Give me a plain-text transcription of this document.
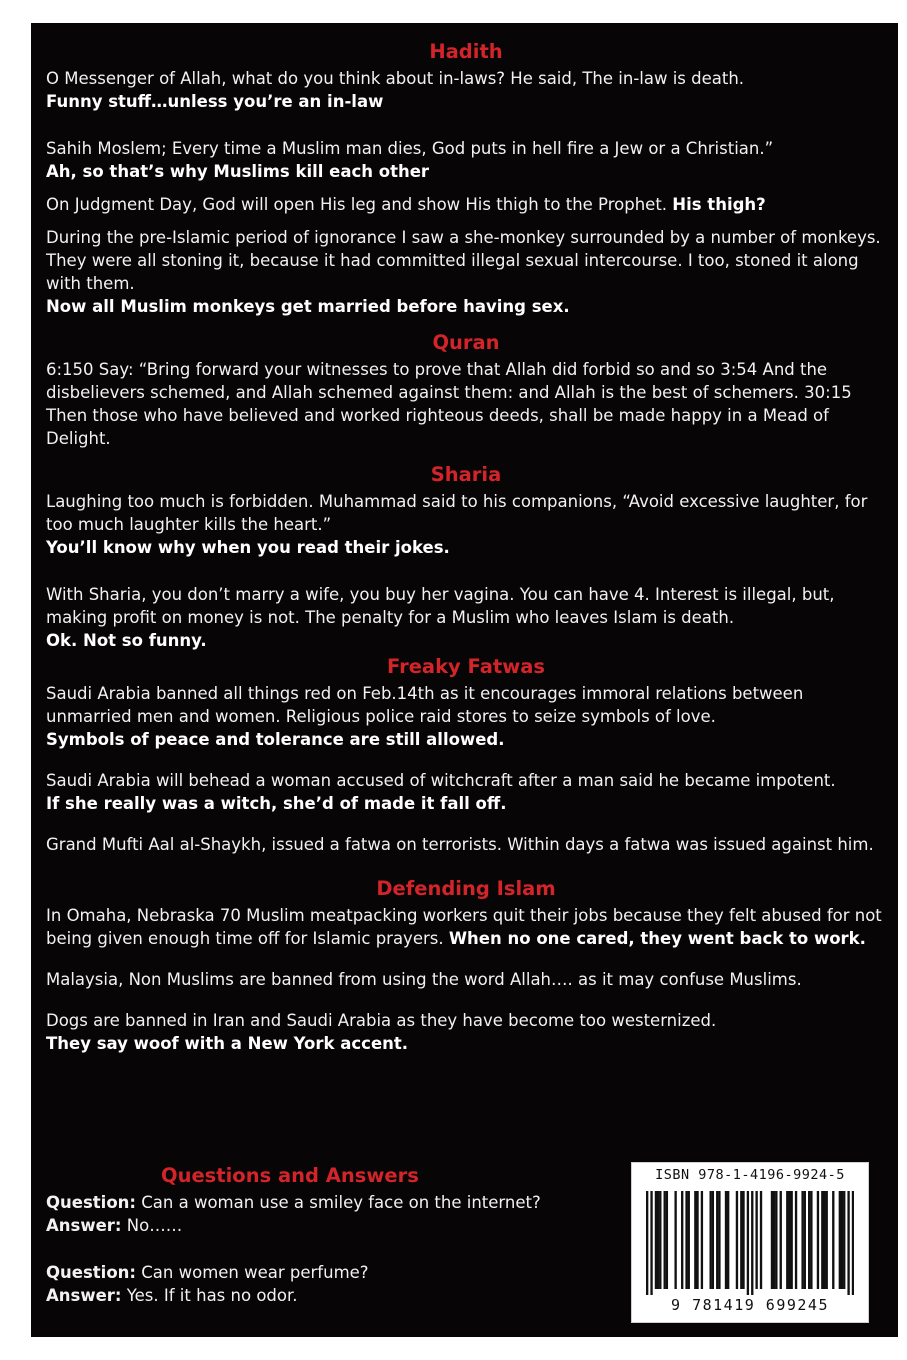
Hadith

O Messenger of Allah, what do you think about in-laws? He said, The in-law is death.
Funny stuff…unless you’re an in-law

Sahih Moslem; Every time a Muslim man dies, God puts in hell fire a Jew or a Christian.”
Ah, so that’s why Muslims kill each other

On Judgment Day, God will open His leg and show His thigh to the Prophet. His thigh?

During the pre-Islamic period of ignorance I saw a she-monkey surrounded by a number of monkeys. They were all stoning it, because it had committed illegal sexual intercourse. I too, stoned it along with them.
Now all Muslim monkeys get married before having sex.

Quran

6:150 Say: “Bring forward your witnesses to prove that Allah did forbid so and so 3:54 And the disbelievers schemed, and Allah schemed against them: and Allah is the best of schemers. 30:15 Then those who have believed and worked righteous deeds, shall be made happy in a Mead of Delight.

Sharia

Laughing too much is forbidden. Muhammad said to his companions, “Avoid excessive laughter, for too much laughter kills the heart.”
You’ll know why when you read their jokes.

With Sharia, you don’t marry a wife, you buy her vagina. You can have 4. Interest is illegal, but, making profit on money is not. The penalty for a Muslim who leaves Islam is death.
Ok. Not so funny.

Freaky Fatwas

Saudi Arabia banned all things red on Feb.14th as it encourages immoral relations between unmarried men and women. Religious police raid stores to seize symbols of love.
Symbols of peace and tolerance are still allowed.

Saudi Arabia will behead a woman accused of witchcraft after a man said he became impotent.
If she really was a witch, she’d of made it fall off.

Grand Mufti Aal al-Shaykh, issued a fatwa on terrorists. Within days a fatwa was issued against him.

Defending Islam

In Omaha, Nebraska 70 Muslim meatpacking workers quit their jobs because they felt abused for not being given enough time off for Islamic prayers. When no one cared, they went back to work.

Malaysia, Non Muslims are banned from using the word Allah…. as it may confuse Muslims.

Dogs are banned in Iran and Saudi Arabia as they have become too westernized.
They say woof with a New York accent.

Questions and Answers

Question: Can a woman use a smiley face on the internet?

Answer: No……

Question: Can women wear perfume?

Answer: Yes. If it has no odor.

ISBN 978-1-4196-9924-5
9 781419 699245
